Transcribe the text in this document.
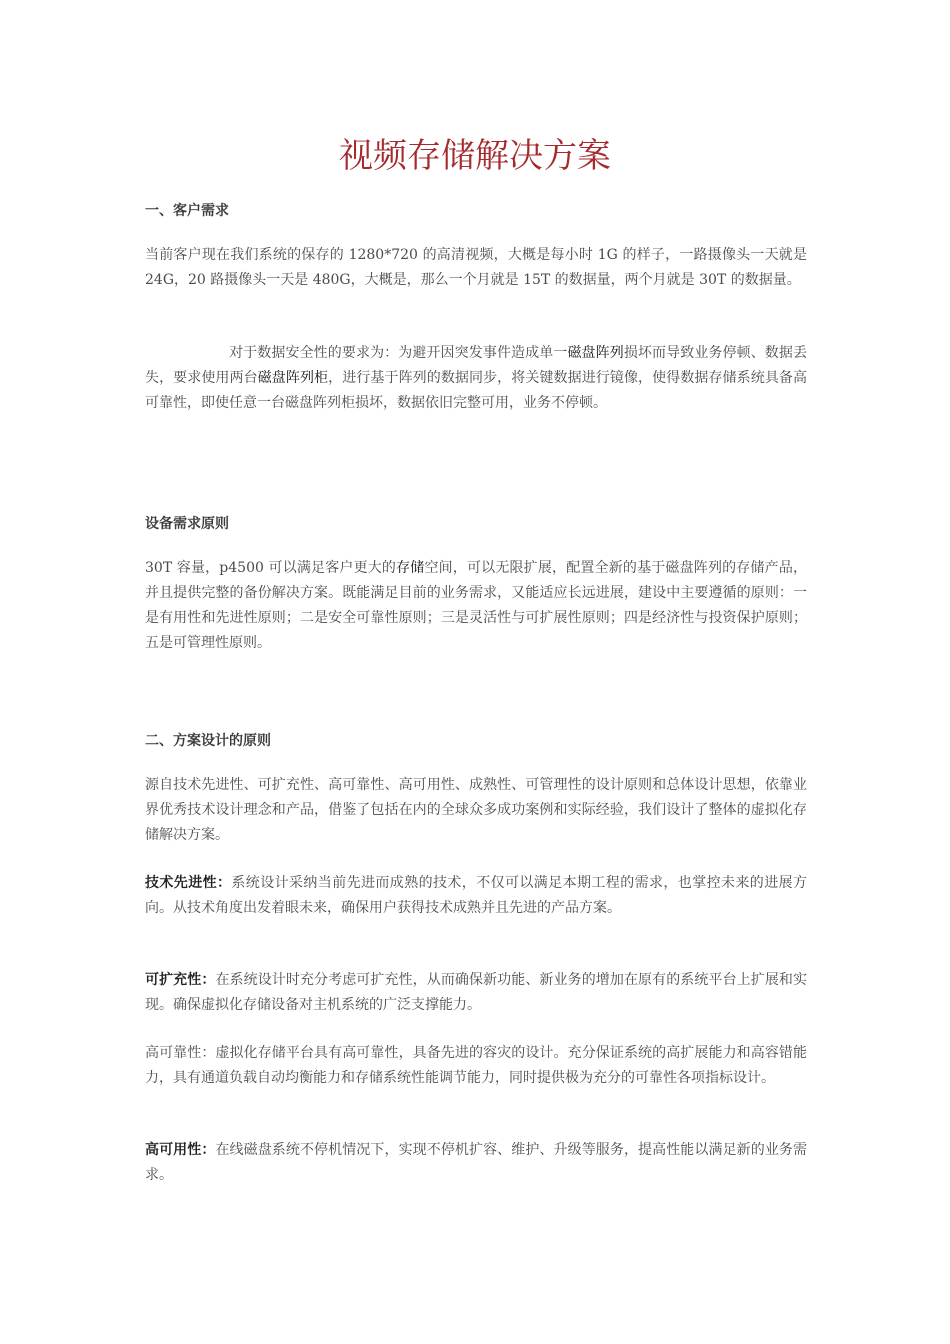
视频存储解决方案
一、客户需求
当前客户现在我们系统的保存的 1280*720 的高清视频，大概是每小时 1G 的样子，一路摄像头一天就是 24G，20 路摄像头一天是 480G，大概是，那么一个月就是 15T 的数据量，两个月就是 30T 的数据量。
对于数据安全性的要求为：为避开因突发事件造成单一磁盘阵列损坏而导致业务停顿、数据丢失，要求使用两台磁盘阵列柜，进行基于阵列的数据同步，将关键数据进行镜像，使得数据存储系统具备高可靠性，即使任意一台磁盘阵列柜损坏，数据依旧完整可用，业务不停顿。
设备需求原则
30T 容量，p4500 可以满足客户更大的存储空间，可以无限扩展，配置全新的基于磁盘阵列的存储产品，并且提供完整的备份解决方案。既能满足目前的业务需求，又能适应长远进展，建设中主要遵循的原则：一是有用性和先进性原则；二是安全可靠性原则；三是灵活性与可扩展性原则；四是经济性与投资保护原则；五是可管理性原则。
二、方案设计的原则
源自技术先进性、可扩充性、高可靠性、高可用性、成熟性、可管理性的设计原则和总体设计思想，依靠业界优秀技术设计理念和产品，借鉴了包括在内的全球众多成功案例和实际经验，我们设计了整体的虚拟化存储解决方案。
技术先进性：系统设计采纳当前先进而成熟的技术，不仅可以满足本期工程的需求，也掌控未来的进展方向。从技术角度出发着眼未来，确保用户获得技术成熟并且先进的产品方案。
可扩充性：在系统设计时充分考虑可扩充性，从而确保新功能、新业务的增加在原有的系统平台上扩展和实现。确保虚拟化存储设备对主机系统的广泛支撑能力。
高可靠性：虚拟化存储平台具有高可靠性，具备先进的容灾的设计。充分保证系统的高扩展能力和高容错能力，具有通道负载自动均衡能力和存储系统性能调节能力，同时提供极为充分的可靠性各项指标设计。
高可用性：在线磁盘系统不停机情况下，实现不停机扩容、维护、升级等服务，提高性能以满足新的业务需求。
